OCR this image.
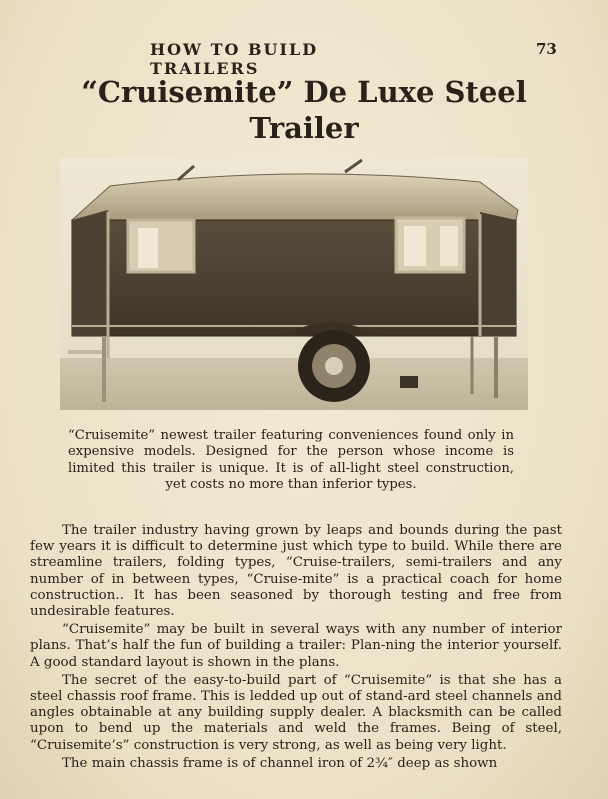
HOW TO BUILD TRAILERS
73
“Cruisemite” De Luxe Steel
Trailer
“Cruisemite” newest trailer featuring conveniences found only in expensive models. Designed for the person whose income is limited this trailer is unique. It is of all-light steel construction, yet costs no more than inferior types.

The trailer industry having grown by leaps and bounds during the past few years it is difficult to determine just which type to build. While there are streamline trailers, folding types, “Cruise-trailers, semi-trailers and any number of in between types, “Cruise-mite” is a practical coach for home construction.. It has been seasoned by thorough testing and free from undesirable features.

“Cruisemite” may be built in several ways with any number of interior plans. That’s half the fun of building a trailer: Plan-ning the interior yourself. A good standard layout is shown in the plans.

The secret of the easy-to-build part of “Cruisemite” is that she has a steel chassis roof frame. This is ledded up out of stand-ard steel channels and angles obtainable at any building supply dealer. A blacksmith can be called upon to bend up the materials and weld the frames. Being of steel, “Cruisemite’s” construction is very strong, as well as being very light.

The main chassis frame is of channel iron of 2¾″ deep as shown
